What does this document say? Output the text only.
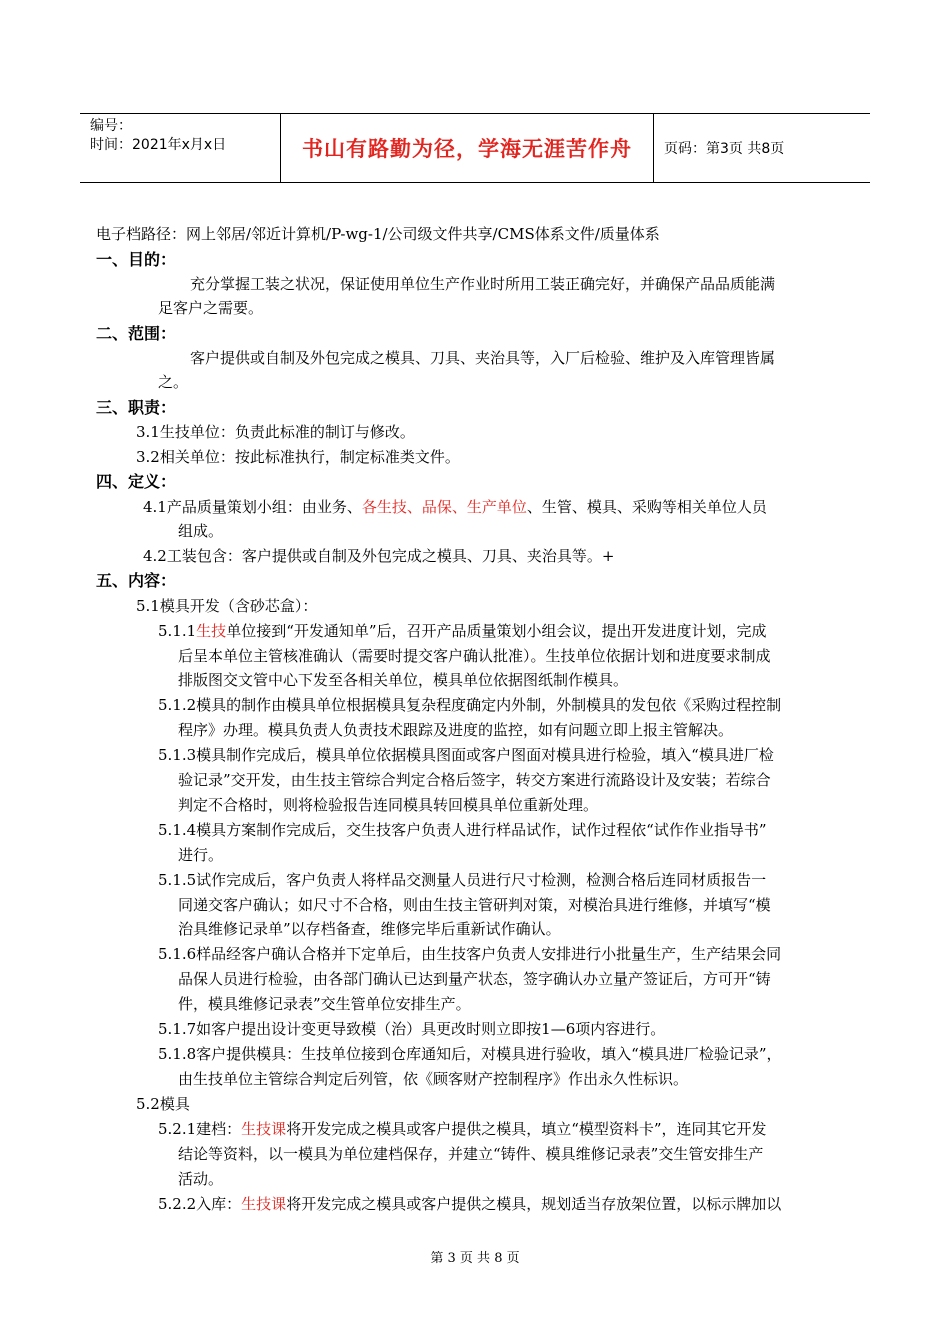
编号：
时间：2021年x月x日	书山有路勤为径，学海无涯苦作舟	页码：第3页 共8页
电子档路径：网上邻居/邻近计算机/P-wg-1/公司级文件共享/CMS体系文件/质量体系
一、目的：
充分掌握工装之状况，保证使用单位生产作业时所用工装正确完好，并确保产品品质能满
足客户之需要。
二、范围：
客户提供或自制及外包完成之模具、刀具、夹治具等，入厂后检验、维护及入库管理皆属
之。
三、职责：
3.1生技单位：负责此标准的制订与修改。
3.2相关单位：按此标准执行，制定标准类文件。
四、定义：
4.1产品质量策划小组：由业务、各生技、品保、生产单位、生管、模具、采购等相关单位人员
组成。
4.2工装包含：客户提供或自制及外包完成之模具、刀具、夹治具等。+
五、内容：
5.1模具开发（含砂芯盒）：
5.1.1生技单位接到“开发通知单”后，召开产品质量策划小组会议，提出开发进度计划，完成
后呈本单位主管核准确认（需要时提交客户确认批准）。生技单位依据计划和进度要求制成
排版图交文管中心下发至各相关单位，模具单位依据图纸制作模具。
5.1.2模具的制作由模具单位根据模具复杂程度确定内外制，外制模具的发包依《采购过程控制
程序》办理。模具负责人负责技术跟踪及进度的监控，如有问题立即上报主管解决。
5.1.3模具制作完成后，模具单位依据模具图面或客户图面对模具进行检验，填入“模具进厂检
验记录”交开发，由生技主管综合判定合格后签字，转交方案进行流路设计及安装；若综合
判定不合格时，则将检验报告连同模具转回模具单位重新处理。
5.1.4模具方案制作完成后，交生技客户负责人进行样品试作，试作过程依“试作作业指导书”
进行。
5.1.5试作完成后，客户负责人将样品交测量人员进行尺寸检测，检测合格后连同材质报告一
同递交客户确认；如尺寸不合格，则由生技主管研判对策，对模治具进行维修，并填写“模
治具维修记录单”以存档备查，维修完毕后重新试作确认。
5.1.6样品经客户确认合格并下定单后，由生技客户负责人安排进行小批量生产，生产结果会同
品保人员进行检验，由各部门确认已达到量产状态，签字确认办立量产签证后，方可开“铸
件，模具维修记录表”交生管单位安排生产。
5.1.7如客户提出设计变更导致模（治）具更改时则立即按1—6项内容进行。
5.1.8客户提供模具：生技单位接到仓库通知后，对模具进行验收，填入“模具进厂检验记录”，
由生技单位主管综合判定后列管，依《顾客财产控制程序》作出永久性标识。
5.2模具
5.2.1建档：生技课将开发完成之模具或客户提供之模具，填立“模型资料卡”，连同其它开发
结论等资料，以一模具为单位建档保存，并建立“铸件、模具维修记录表”交生管安排生产
活动。
5.2.2入库：生技课将开发完成之模具或客户提供之模具，规划适当存放架位置，以标示牌加以
第 3 页 共 8 页
